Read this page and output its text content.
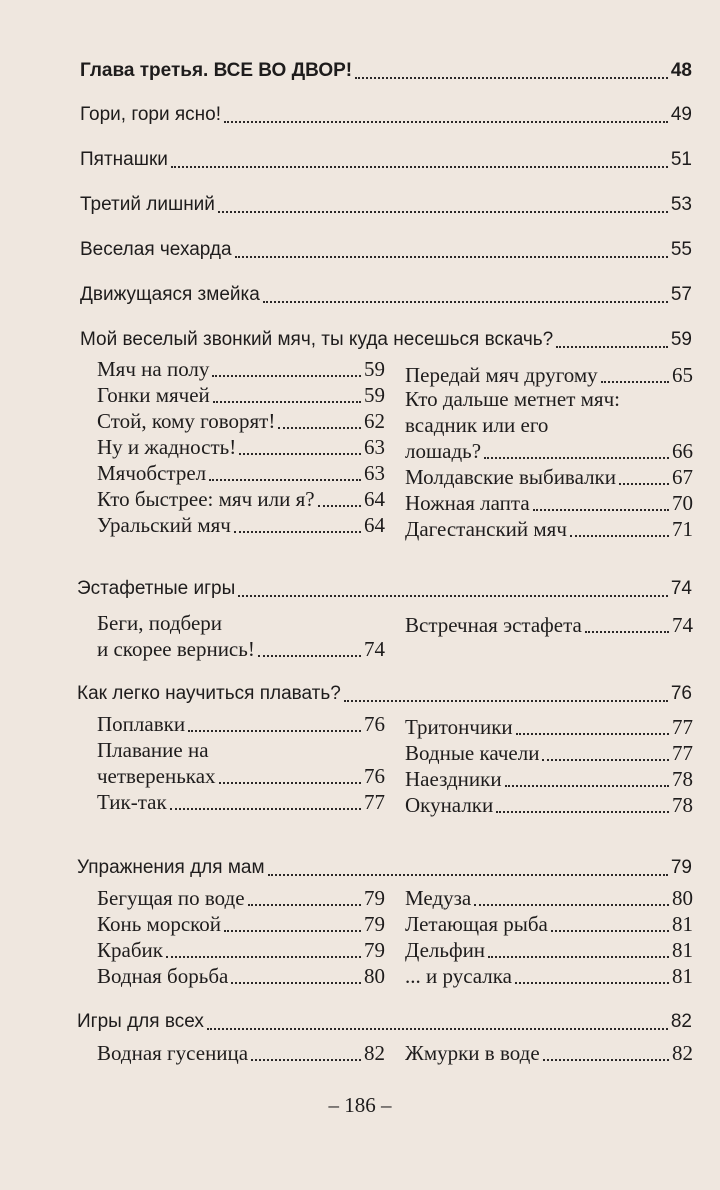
Глава третья. ВСЕ ВО ДВОР!	48
Гори, гори ясно!	49
Пятнашки	51
Третий лишний	53
Веселая чехарда	55
Движущаяся змейка	57
Мой веселый звонкий мяч, ты куда несешься вскачь?	59
Мяч на полу	59
Гонки мячей	59
Стой, кому говорят!	62
Ну и жадность!	63
Мячобстрел	63
Кто быстрее: мяч или я? 64
Уральский мяч	64
Передай мяч другому	65
Кто дальше метнет мяч:
всадник или его
лошадь?	66
Молдавские выбивалки	67
Ножная лапта	70
Дагестанский мяч	71
Эстафетные игры	74
Беги, подбери
и скорее вернись!	74
Встречная эстафета	74
Как легко научиться плавать?	76
Поплавки	76
Плавание на
четвереньках	76
Тик-так	77
Тритончики	77
Водные качели	77
Наездники	78
Окуналки	78
Упражнения для мам	79
Бегущая по воде	79
Конь морской	79
Крабик	79
Водная борьба	80
Медуза	80
Летающая рыба	81
Дельфин	81
... и русалка	81
Игры для всех	82
Водная гусеница	82 Жмурки в воде	82
– 186 –
